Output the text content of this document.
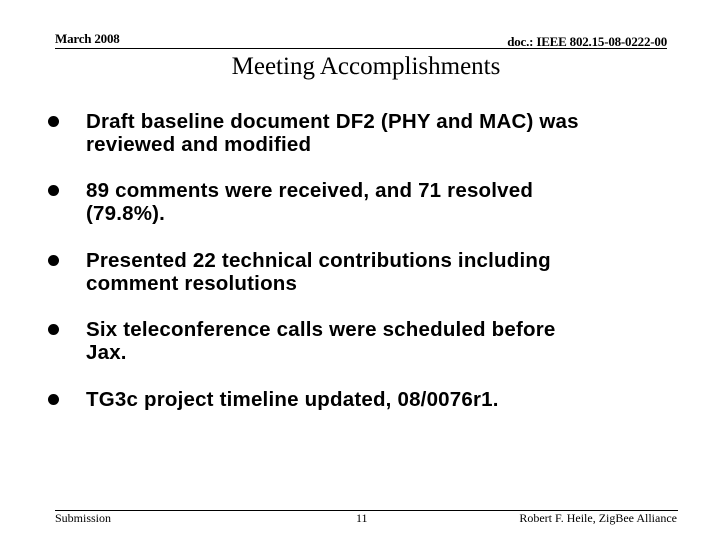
March 2008	doc.: IEEE 802.15-08-0222-00
Meeting Accomplishments
Draft baseline document DF2 (PHY and MAC) was
reviewed and modified
89 comments were received, and 71 resolved
(79.8%).
Presented 22 technical contributions including
comment resolutions
Six teleconference calls were scheduled before
Jax.
TG3c project timeline updated, 08/0076r1.
Submission	11	Robert F. Heile, ZigBee Alliance
